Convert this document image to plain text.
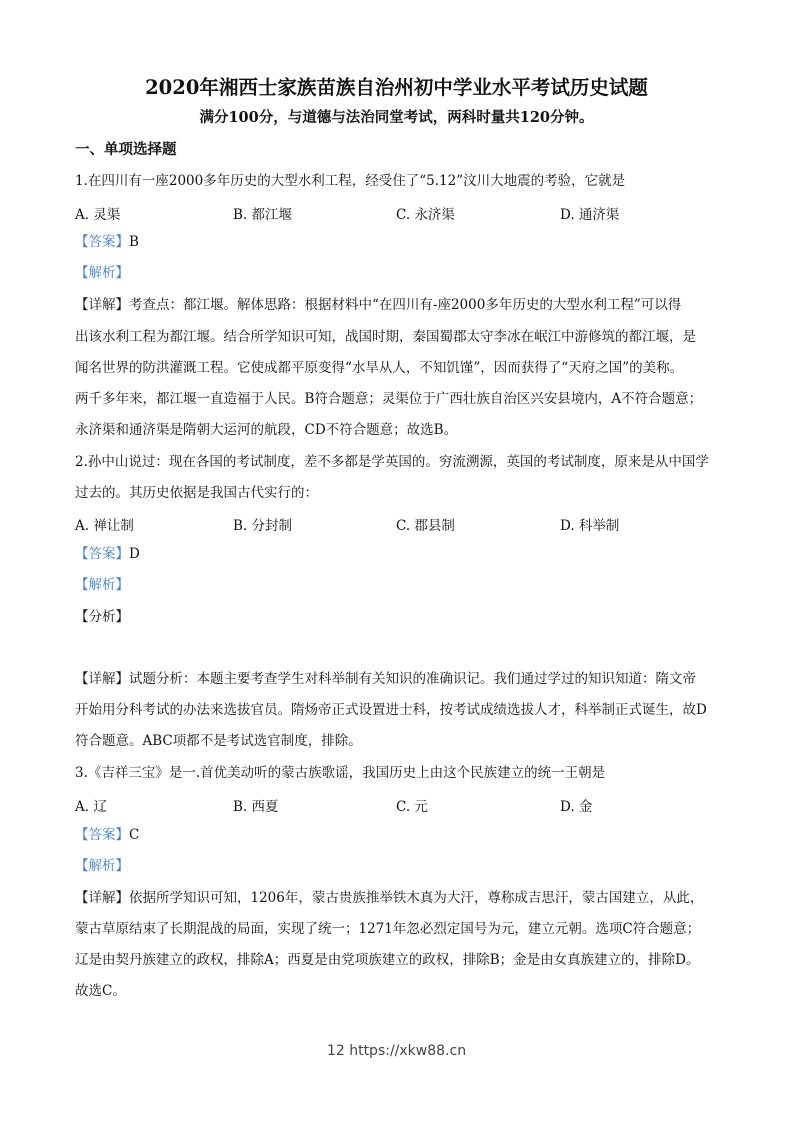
2020年湘西士家族苗族自治州初中学业水平考试历史试题
满分100分，与道德与法治同堂考试，两科时量共120分钟。
一、单项选择题
1.在四川有一座2000多年历史的大型水利工程，经受住了“5.12”汶川大地震的考验，它就是
A. 灵渠	B. 都江堰	C. 永济渠	D. 通济渠
【答案】B
【解析】
【详解】考查点：都江堰。解体思路：根据材料中“在四川有-座2000多年历史的大型水利工程”可以得
出该水利工程为都江堰。结合所学知识可知，战国时期，秦国蜀郡太守李冰在岷江中游修筑的都江堰，是
闻名世界的防洪灌溉工程。它使成都平原变得“水旱从人，不知饥馑”，因而获得了“天府之国”的美称。
两千多年来，都江堰一直造福于人民。B符合题意；灵渠位于广西壮族自治区兴安县境内，A不符合题意；
永济渠和通济渠是隋朝大运河的航段，CD不符合题意；故选B。
2.孙中山说过：现在各国的考试制度，差不多都是学英国的。穷流溯源，英国的考试制度，原来是从中国学
过去的。其历史依据是我国古代实行的：
A. 禅让制	B. 分封制	C. 郡县制	D. 科举制
【答案】D
【解析】
【分析】
【详解】试题分析：本题主要考查学生对科举制有关知识的准确识记。我们通过学过的知识知道：隋文帝
开始用分科考试的办法来选拔官员。隋炀帝正式设置进士科，按考试成绩选拔人才，科举制正式诞生，故D
符合题意。ABC项都不是考试选官制度，排除。
3.《吉祥三宝》是一.首优美动听的蒙古族歌谣，我国历史上由这个民族建立的统一王朝是
A. 辽	B. 西夏	C. 元	D. 金
【答案】C
【解析】
【详解】依据所学知识可知，1206年，蒙古贵族推举铁木真为大汗，尊称成吉思汗，蒙古国建立，从此，
蒙古草原结束了长期混战的局面，实现了统一；1271年忽必烈定国号为元，建立元朝。选项C符合题意；
辽是由契丹族建立的政权，排除A；西夏是由党项族建立的政权，排除B；金是由女真族建立的，排除D。
故选C。
12 https://xkw88.cn
